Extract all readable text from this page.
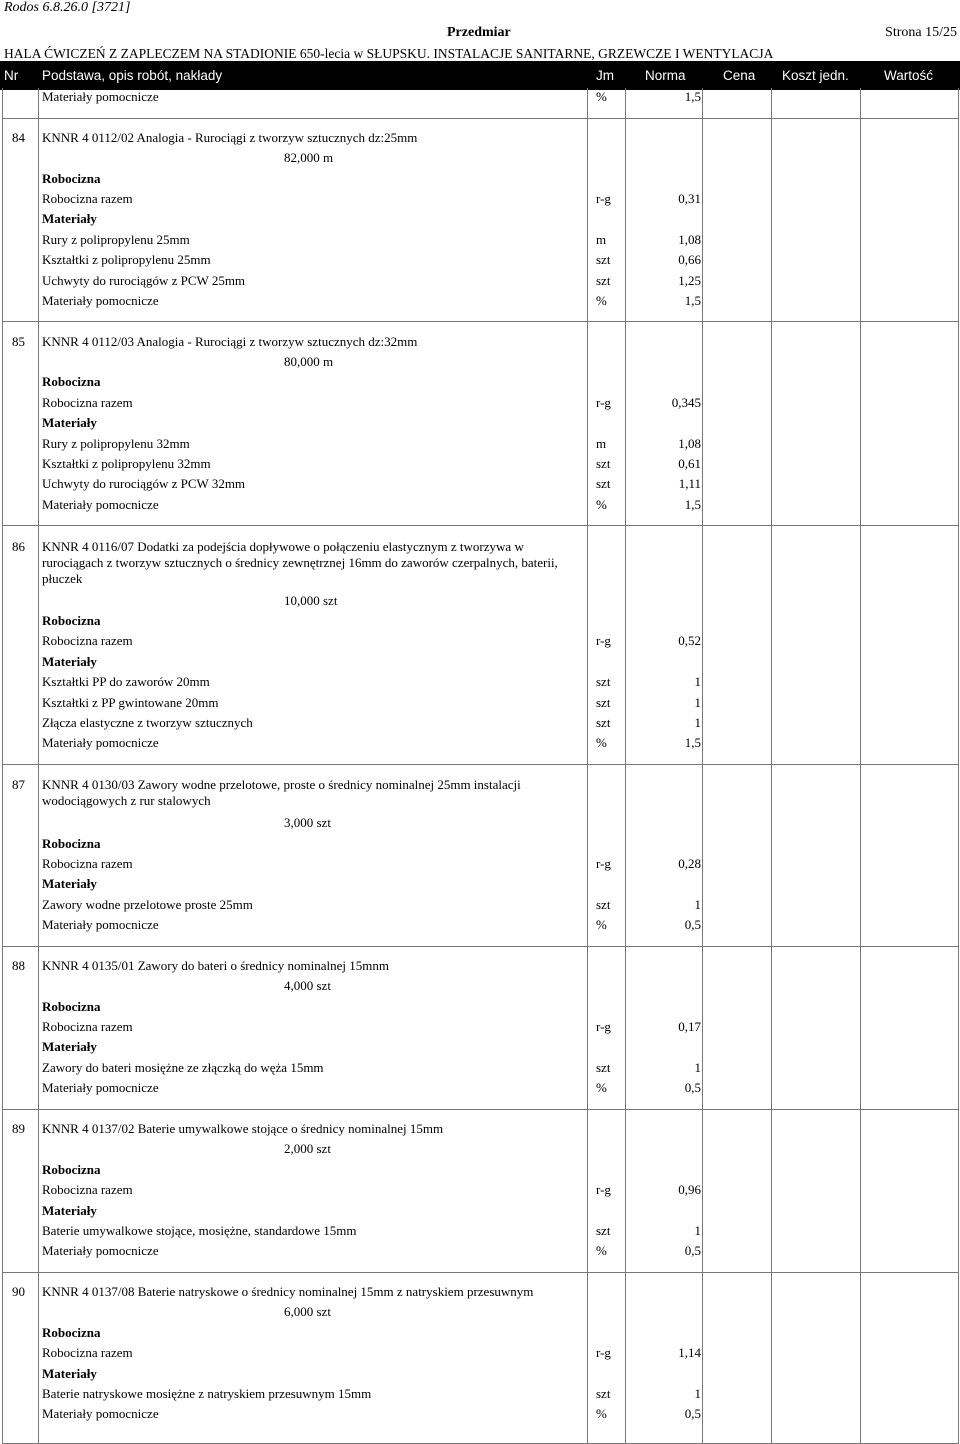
Rodos 6.8.26.0 [3721]
Przedmiar	Strona 15/25
HALA ĆWICZEŃ Z ZAPLECZEM NA STADIONIE 650-lecia w SŁUPSKU. INSTALACJE SANITARNE, GRZEWCZE I WENTYLACJA
Nr Podstawa, opis robót, nakłady	Jm Norma	Cena Koszt jedn.	Wartość
Materiały pomocnicze	%	1,5
84 KNNR 4 0112/02 Analogia - Rurociągi z tworzyw sztucznych dz:25mm
82,000 m
Robocizna
Robocizna razem	r-g	0,31
Materiały
Rury z polipropylenu 25mm	m	1,08
Kształtki z polipropylenu 25mm	szt	0,66
Uchwyty do rurociągów z PCW 25mm	szt	1,25
Materiały pomocnicze	%	1,5
85 KNNR 4 0112/03 Analogia - Rurociągi z tworzyw sztucznych dz:32mm
80,000 m
Robocizna
Robocizna razem	r-g	0,345
Materiały
Rury z polipropylenu 32mm	m	1,08
Kształtki z polipropylenu 32mm	szt	0,61
Uchwyty do rurociągów z PCW 32mm	szt	1,11
Materiały pomocnicze	%	1,5
86 KNNR 4 0116/07 Dodatki za podejścia dopływowe o połączeniu elastycznym z tworzywa w rurociągach z tworzyw sztucznych o średnicy zewnętrznej 16mm do zaworów czerpalnych, baterii, płuczek
10,000 szt
Robocizna
Robocizna razem	r-g	0,52
Materiały
Kształtki PP do zaworów 20mm	szt	1
Kształtki z PP gwintowane 20mm	szt	1
Złącza elastyczne z tworzyw sztucznych	szt	1
Materiały pomocnicze	%	1,5
87 KNNR 4 0130/03 Zawory wodne przelotowe, proste o średnicy nominalnej 25mm instalacji wodociągowych z rur stalowych
3,000 szt
Robocizna
Robocizna razem	r-g	0,28
Materiały
Zawory wodne przelotowe proste 25mm	szt	1
Materiały pomocnicze	%	0,5
88 KNNR 4 0135/01 Zawory do bateri o średnicy nominalnej 15mnm
4,000 szt
Robocizna
Robocizna razem	r-g	0,17
Materiały
Zawory do bateri mosiężne ze złączką do węża 15mm	szt	1
Materiały pomocnicze	%	0,5
89 KNNR 4 0137/02 Baterie umywalkowe stojące o średnicy nominalnej 15mm
2,000 szt
Robocizna
Robocizna razem	r-g	0,96
Materiały
Baterie umywalkowe stojące, mosiężne, standardowe 15mm	szt	1
Materiały pomocnicze	%	0,5
90 KNNR 4 0137/08 Baterie natryskowe o średnicy nominalnej 15mm z natryskiem przesuwnym
6,000 szt
Robocizna
Robocizna razem	r-g	1,14
Materiały
Baterie natryskowe mosiężne z natryskiem przesuwnym 15mm	szt	1
Materiały pomocnicze	%	0,5
